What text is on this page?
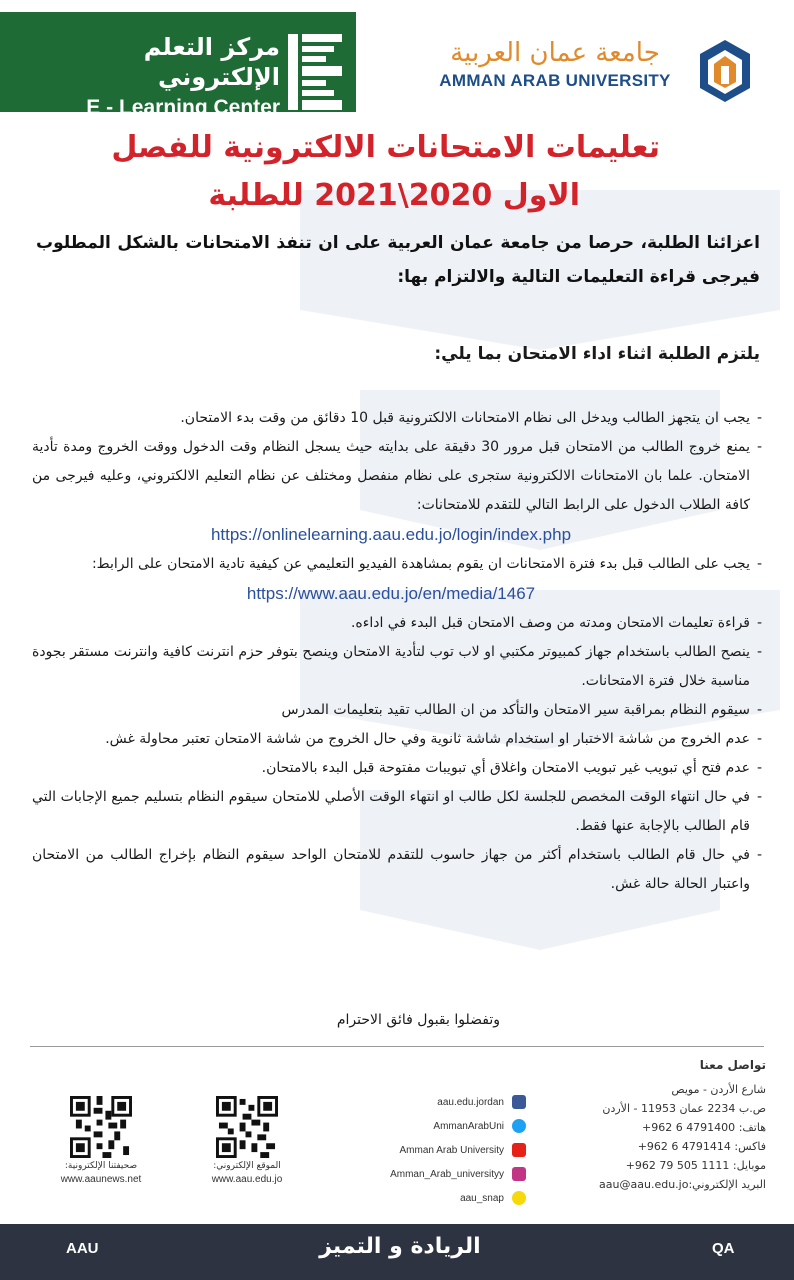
مركز التعلم الإلكتروني
E - Learning Center
جامعة عمان العربية
AMMAN ARAB UNIVERSITY
تعليمات الامتحانات الالكترونية للفصل
الاول 2020\2021 للطلبة
اعزائنا الطلبة، حرصا من جامعة عمان العربية على ان تنفذ الامتحانات بالشكل المطلوب فيرجى قراءة التعليمات التالية والالتزام بها:
يلتزم الطلبة اثناء اداء الامتحان بما يلي:
- يجب ان يتجهز الطالب ويدخل الى نظام الامتحانات الالكترونية قبل 10 دقائق من وقت بدء الامتحان.
- يمنع خروج الطالب من الامتحان قبل مرور 30 دقيقة على بدايته حيث يسجل النظام وقت الدخول ووقت الخروج ومدة تأدية الامتحان. علما بان الامتحانات الالكترونية ستجرى على نظام منفصل ومختلف عن نظام التعليم الالكتروني، وعليه فيرجى من كافة الطلاب الدخول على الرابط التالي للتقدم للامتحانات:
https://onlinelearning.aau.edu.jo/login/index.php
- يجب على الطالب قبل بدء فترة الامتحانات ان يقوم بمشاهدة الفيديو التعليمي عن كيفية تادية الامتحان على الرابط:
https://www.aau.edu.jo/en/media/1467
- قراءة تعليمات الامتحان ومدته من وصف الامتحان قبل البدء في اداءه.
- ينصح الطالب باستخدام جهاز كمبيوتر مكتبي او لاب توب لتأدية الامتحان وينصح بتوفر حزم انترنت كافية وانترنت مستقر بجودة مناسبة خلال فترة الامتحانات.
- سيقوم النظام بمراقبة سير الامتحان والتأكد من ان الطالب تقيد بتعليمات المدرس
- عدم الخروج من شاشة الاختبار او استخدام شاشة ثانوية وفي حال الخروج من شاشة الامتحان تعتبر محاولة غش.
- عدم فتح أي تبويب غير تبويب الامتحان واغلاق أي تبويبات مفتوحة قبل البدء بالامتحان.
- في حال انتهاء الوقت المخصص للجلسة لكل طالب او انتهاء الوقت الأصلي للامتحان سيقوم النظام بتسليم جميع الإجابات التي قام الطالب بالإجابة عنها فقط.
- في حال قام الطالب باستخدام أكثر من جهاز حاسوب للتقدم للامتحان الواحد سيقوم النظام بإخراج الطالب من الامتحان واعتبار الحالة حالة غش.
وتفضلوا بقبول فائق الاحترام
تواصل معنا
شارع الأردن - مويص
ص.ب 2234 عمان 11953 - الأردن
هاتف: +962 6 4791400
فاكس: +962 6 4791414
موبايل: +962 79 505 1111
البريد الإلكتروني:aau@aau.edu.jo
aau.edu.jordan
AmmanArabUni
Amman Arab University
Amman_Arab_universityy
aau_snap
الموقع الإلكتروني:
www.aau.edu.jo
صحيفتنا الإلكترونية:
www.aaunews.net
AAU	الريادة و التميز	QA
